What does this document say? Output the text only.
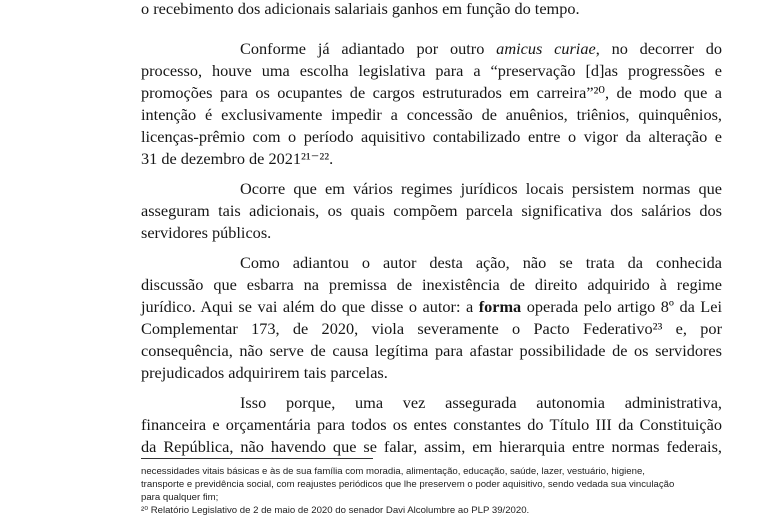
o recebimento dos adicionais salariais ganhos em função do tempo.
Conforme já adiantado por outro amicus curiae, no decorrer do
processo, houve uma escolha legislativa para a “preservação [d]as progressões e
promoções para os ocupantes de cargos estruturados em carreira”²⁰, de modo que a
intenção é exclusivamente impedir a concessão de anuênios, triênios, quinquênios,
licenças-prêmio com o período aquisitivo contabilizado entre o vigor da alteração e
31 de dezembro de 2021²¹⁻²².
Ocorre que em vários regimes jurídicos locais persistem normas que
asseguram tais adicionais, os quais compõem parcela significativa dos salários dos
servidores públicos.
Como adiantou o autor desta ação, não se trata da conhecida
discussão que esbarra na premissa de inexistência de direito adquirido à regime
jurídico. Aqui se vai além do que disse o autor: a forma operada pelo artigo 8º da Lei
Complementar 173, de 2020, viola severamente o Pacto Federativo²³ e, por
consequência, não serve de causa legítima para afastar possibilidade de os servidores
prejudicados adquirirem tais parcelas.
Isso porque, uma vez assegurada autonomia administrativa,
financeira e orçamentária para todos os entes constantes do Título III da Constituição
da República, não havendo que se falar, assim, em hierarquia entre normas federais,
necessidades vitais básicas e às de sua família com moradia, alimentação, educação, saúde, lazer, vestuário, higiene,
transporte e previdência social, com reajustes periódicos que lhe preservem o poder aquisitivo, sendo vedada sua vinculação
para qualquer fim;
²⁰ Relatório Legislativo de 2 de maio de 2020 do senador Davi Alcolumbre ao PLP 39/2020.
